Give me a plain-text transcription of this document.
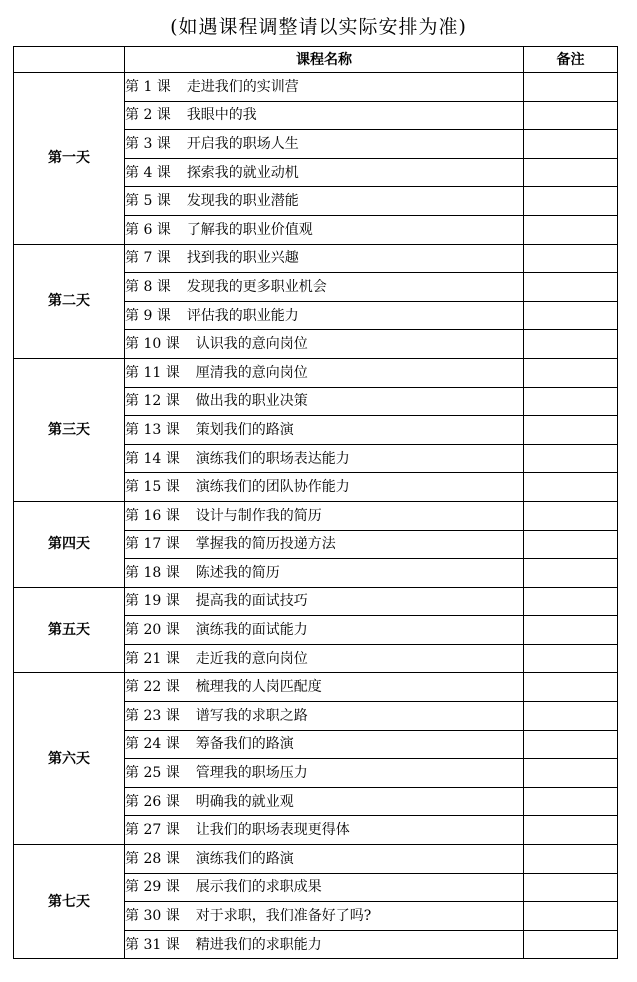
(如遇课程调整请以实际安排为准)
	课程名称	备注
第一天	第 1 课 走进我们的实训营	
	第 2 课 我眼中的我	
	第 3 课 开启我的职场人生	
	第 4 课 探索我的就业动机	
	第 5 课 发现我的职业潜能	
	第 6 课 了解我的职业价值观	
第二天	第 7 课 找到我的职业兴趣	
	第 8 课 发现我的更多职业机会	
	第 9 课 评估我的职业能力	
	第 10 课 认识我的意向岗位	
第三天	第 11 课 厘清我的意向岗位	
	第 12 课 做出我的职业决策	
	第 13 课 策划我们的路演	
	第 14 课 演练我们的职场表达能力	
	第 15 课 演练我们的团队协作能力	
第四天	第 16 课 设计与制作我的简历	
	第 17 课 掌握我的简历投递方法	
	第 18 课 陈述我的简历	
第五天	第 19 课 提高我的面试技巧	
	第 20 课 演练我的面试能力	
	第 21 课 走近我的意向岗位	
第六天	第 22 课 梳理我的人岗匹配度	
	第 23 课 谱写我的求职之路	
	第 24 课 筹备我们的路演	
	第 25 课 管理我的职场压力	
	第 26 课 明确我的就业观	
	第 27 课 让我们的职场表现更得体	
第七天	第 28 课 演练我们的路演	
	第 29 课 展示我们的求职成果	
	第 30 课 对于求职，我们准备好了吗?	
	第 31 课 精进我们的求职能力	
